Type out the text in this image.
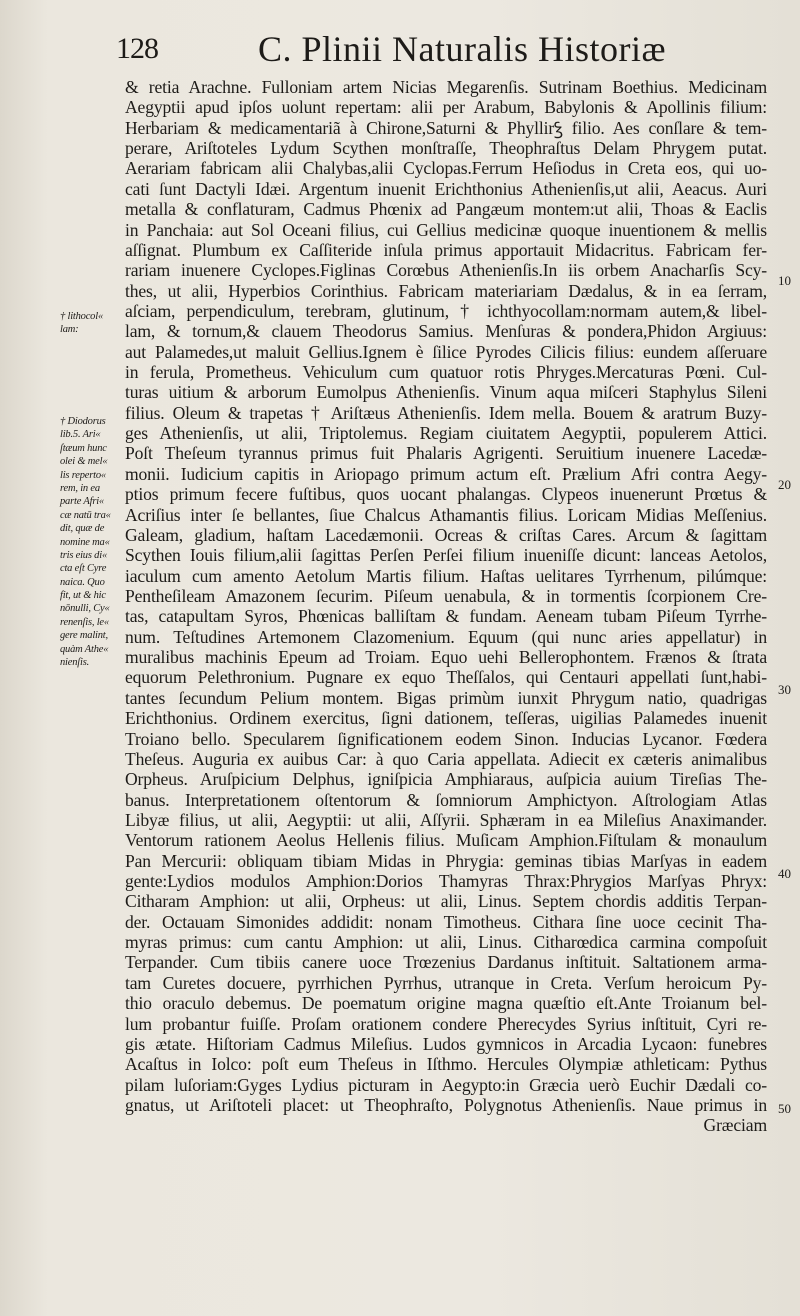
128	C. Plinii Naturalis Historiæ
† lithocol«
lam:
† Diodorus
lib.5. Ari«
ſtæum hunc
olei & mel«
lis reperto«
rem, in ea
parte Afri«
cæ natū tra«
dit, quæ de
nomine ma«
tris eius di«
cta eſt Cyre
naica. Quo
fit, ut & hic
nōnulli, Cy«
renenſis, le«
gere malint,
quàm Athe«
nienſis.
& retia Arachne. Fulloniam artem Nicias Megarenſis. Sutrinam Boethius. Medicinam
Aegyptii apud ipſos uolunt repertam: alii per Arabum, Babylonis & Apollinis filium:
Herbariam & medicamentariã à Chirone,Saturni & Phyllirꝣ filio. Aes conſlare & tem-
perare, Ariſtoteles Lydum Scythen monſtraſſe, Theophraſtus Delam Phrygem putat.
Aerariam fabricam alii Chalybas,alii Cyclopas.Ferrum Heſiodus in Creta eos, qui uo-
cati ſunt Dactyli Idæi. Argentum inuenit Erichthonius Athenienſis,ut alii, Aeacus. Auri
metalla & conflaturam, Cadmus Phœnix ad Pangæum montem:ut alii, Thoas & Eaclis
in Panchaia: aut Sol Oceani filius, cui Gellius medicinæ quoque inuentionem & mellis
aſſignat. Plumbum ex Caſſiteride inſula primus apportauit Midacritus. Fabricam fer-
rariam inuenere Cyclopes.Figlinas Corœbus Athenienſis.In iis orbem Anacharſis Scy-
thes, ut alii, Hyperbios Corinthius. Fabricam materiariam Dædalus, & in ea ſerram,
aſciam, perpendiculum, terebram, glutinum, † ichthyocollam:normam autem,& libel-
lam, & tornum,& clauem Theodorus Samius. Menſuras & pondera,Phidon Argiuus:
aut Palamedes,ut maluit Gellius.Ignem è ſilice Pyrodes Cilicis filius: eundem aſſeruare
in ferula, Prometheus. Vehiculum cum quatuor rotis Phryges.Mercaturas Pœni. Cul-
turas uitium & arborum Eumolpus Athenienſis. Vinum aqua miſceri Staphylus Sileni
filius. Oleum & trapetas † Ariſtæus Athenienſis. Idem mella. Bouem & aratrum Buzy-
ges Athenienſis, ut alii, Triptolemus. Regiam ciuitatem Aegyptii, populerem Attici.
Poſt Theſeum tyrannus primus fuit Phalaris Agrigenti. Seruitium inuenere Lacedæ-
monii. Iudicium capitis in Ariopago primum actum eſt. Prælium Afri contra Aegy-
ptios primum fecere fuſtibus, quos uocant phalangas. Clypeos inuenerunt Prœtus &
Acriſius inter ſe bellantes, ſiue Chalcus Athamantis filius. Loricam Midias Meſſenius.
Galeam, gladium, haſtam Lacedæmonii. Ocreas & criſtas Cares. Arcum & ſagittam
Scythen Iouis filium,alii ſagittas Perſen Perſei filium inueniſſe dicunt: lanceas Aetolos,
iaculum cum amento Aetolum Martis filium. Haſtas uelitares Tyrrhenum, pilúmque:
Pentheſileam Amazonem ſecurim. Piſeum uenabula, & in tormentis ſcorpionem Cre-
tas, catapultam Syros, Phœnicas balliſtam & fundam. Aeneam tubam Piſeum Tyrrhe-
num. Teſtudines Artemonem Clazomenium. Equum (qui nunc aries appellatur) in
muralibus machinis Epeum ad Troiam. Equo uehi Bellerophontem. Frænos & ſtrata
equorum Pelethronium. Pugnare ex equo Theſſalos, qui Centauri appellati ſunt,habi-
tantes ſecundum Pelium montem. Bigas primùm iunxit Phrygum natio, quadrigas
Erichthonius. Ordinem exercitus, ſigni dationem, teſſeras, uigilias Palamedes inuenit
Troiano bello. Specularem ſignificationem eodem Sinon. Inducias Lycanor. Fœdera
Theſeus. Auguria ex auibus Car: à quo Caria appellata. Adiecit ex cæteris animalibus
Orpheus. Aruſpicium Delphus, igniſpicia Amphiaraus, auſpicia auium Tireſias The-
banus. Interpretationem oſtentorum & ſomniorum Amphictyon. Aſtrologiam Atlas
Libyæ filius, ut alii, Aegyptii: ut alii, Aſſyrii. Sphæram in ea Mileſius Anaximander.
Ventorum rationem Aeolus Hellenis filius. Muſicam Amphion.Fiſtulam & monaulum
Pan Mercurii: obliquam tibiam Midas in Phrygia: geminas tibias Marſyas in eadem
gente:Lydios modulos Amphion:Dorios Thamyras Thrax:Phrygios Marſyas Phryx:
Citharam Amphion: ut alii, Orpheus: ut alii, Linus. Septem chordis additis Terpan-
der. Octauam Simonides addidit: nonam Timotheus. Cithara ſine uoce cecinit Tha-
myras primus: cum cantu Amphion: ut alii, Linus. Citharœdica carmina compoſuit
Terpander. Cum tibiis canere uoce Trœzenius Dardanus inſtituit. Saltationem arma-
tam Curetes docuere, pyrrhichen Pyrrhus, utranque in Creta. Verſum heroicum Py-
thio oraculo debemus. De poematum origine magna quæſtio eſt.Ante Troianum bel-
lum probantur fuiſſe. Proſam orationem condere Pherecydes Syrius inſtituit, Cyri re-
gis ætate. Hiſtoriam Cadmus Mileſius. Ludos gymnicos in Arcadia Lycaon: funebres
Acaſtus in Iolco: poſt eum Theſeus in Iſthmo. Hercules Olympiæ athleticam: Pythus
pilam luſoriam:Gyges Lydius picturam in Aegypto:in Græcia uerò Euchir Dædali co-
gnatus, ut Ariſtoteli placet: ut Theophraſto, Polygnotus Athenienſis. Naue primus in
Græciam
10
20
30
40
50
